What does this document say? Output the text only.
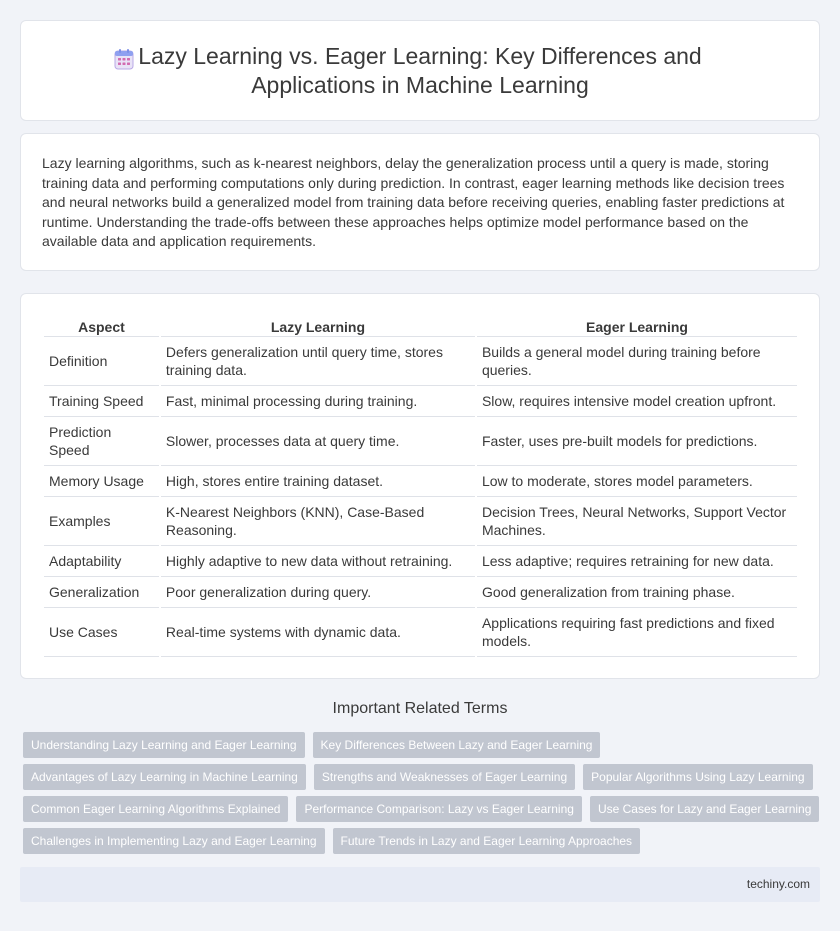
Lazy Learning vs. Eager Learning: Key Differences and Applications in Machine Learning

Lazy learning algorithms, such as k-nearest neighbors, delay the generalization process until a query is made, storing training data and performing computations only during prediction. In contrast, eager learning methods like decision trees and neural networks build a generalized model from training data before receiving queries, enabling faster predictions at runtime. Understanding the trade-offs between these approaches helps optimize model performance based on the available data and application requirements.

Aspect	Lazy Learning	Eager Learning
Definition	Defers generalization until query time, stores training data.	Builds a general model during training before queries.
Training Speed	Fast, minimal processing during training.	Slow, requires intensive model creation upfront.
Prediction Speed	Slower, processes data at query time.	Faster, uses pre-built models for predictions.
Memory Usage	High, stores entire training dataset.	Low to moderate, stores model parameters.
Examples	K-Nearest Neighbors (KNN), Case-Based Reasoning.	Decision Trees, Neural Networks, Support Vector Machines.
Adaptability	Highly adaptive to new data without retraining.	Less adaptive; requires retraining for new data.
Generalization	Poor generalization during query.	Good generalization from training phase.
Use Cases	Real-time systems with dynamic data.	Applications requiring fast predictions and fixed models.
Important Related Terms
Understanding Lazy Learning and Eager Learning	Key Differences Between Lazy and Eager Learning
Advantages of Lazy Learning in Machine Learning	Strengths and Weaknesses of Eager Learning	Popular Algorithms Using Lazy Learning
Common Eager Learning Algorithms Explained	Performance Comparison: Lazy vs Eager Learning	Use Cases for Lazy and Eager Learning
Challenges in Implementing Lazy and Eager Learning	Future Trends in Lazy and Eager Learning Approaches
techiny.com
